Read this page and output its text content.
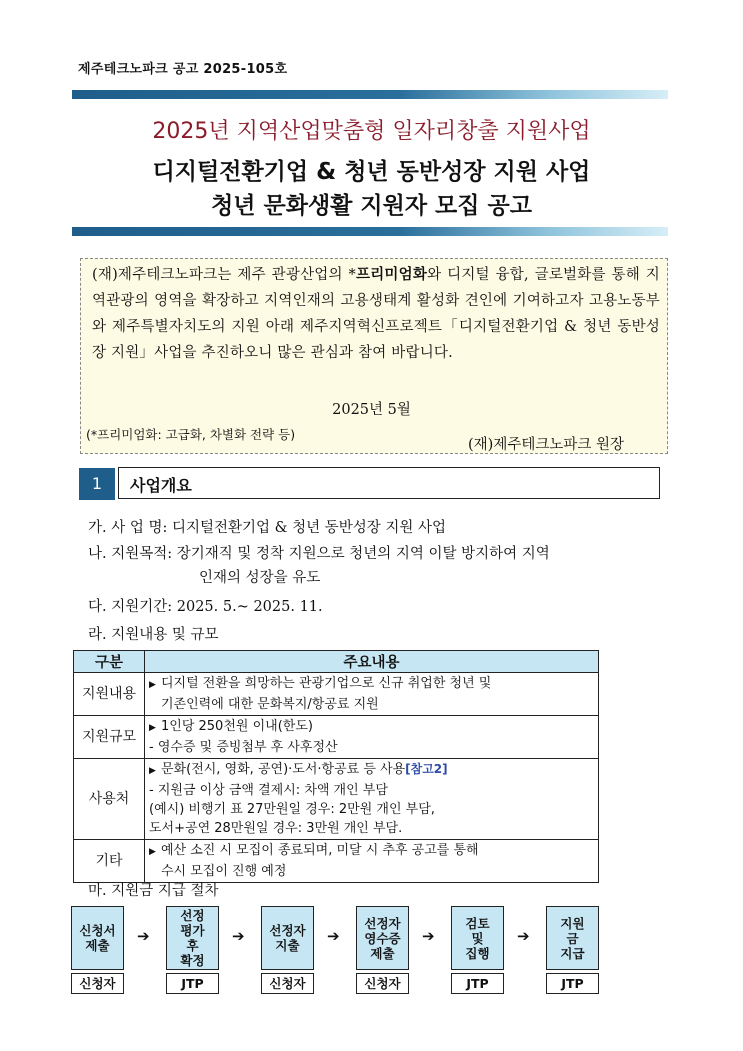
제주테크노파크 공고 2025-105호
2025년 지역산업맞춤형 일자리창출 지원사업
디지털전환기업 & 청년 동반성장 지원 사업
청년 문화생활 지원자 모집 공고
(재)제주테크노파크는 제주 관광산업의 *프리미엄화와 디지털 융합, 글로벌화를 통해 지역관광의 영역을 확장하고 지역인재의 고용생태계 활성화 견인에 기여하고자 고용노동부와 제주특별자치도의 지원 아래 제주지역혁신프로젝트「디지털전환기업 & 청년 동반성장 지원」사업을 추진하오니 많은 관심과 참여 바랍니다.
2025년 5월
(*프리미엄화: 고급화, 차별화 전략 등)
(재)제주테크노파크 원장
1	사업개요
가. 사 업 명: 디지털전환기업 & 청년 동반성장 지원 사업
나. 지원목적: 장기재직 및 정착 지원으로 청년의 지역 이탈 방지하여 지역
인재의 성장을 유도
다. 지원기간: 2025. 5.~ 2025. 11.
라. 지원내용 및 규모
구분	주요내용
지원내용	▶ 디지털 전환을 희망하는 관광기업으로 신규 취업한 청년 및
기존인력에 대한 문화복지/항공료 지원

지원규모	▶ 1인당 250천원 이내(한도)
- 영수증 및 증빙첨부 후 사후정산

사용처	▶ 문화(전시, 영화, 공연)·도서·항공료 등 사용[참고2]
- 지원금 이상 금액 결제시: 차액 개인 부담
(예시) 비행기 표 27만원일 경우: 2만원 개인 부담,
도서+공연 28만원일 경우: 3만원 개인 부담.

기타	▶ 예산 소진 시 모집이 종료되며, 미달 시 추후 공고를 통해
수시 모집이 진행 예정
마. 지원금 지급 절차
신청서
제출
선정
평가
후
확정
선정자
지출
선정자
영수증
제출
검토
및
집행
지원
금
지급
➔	➔	➔	➔	➔
신청자	JTP	신청자	신청자	JTP	JTP
